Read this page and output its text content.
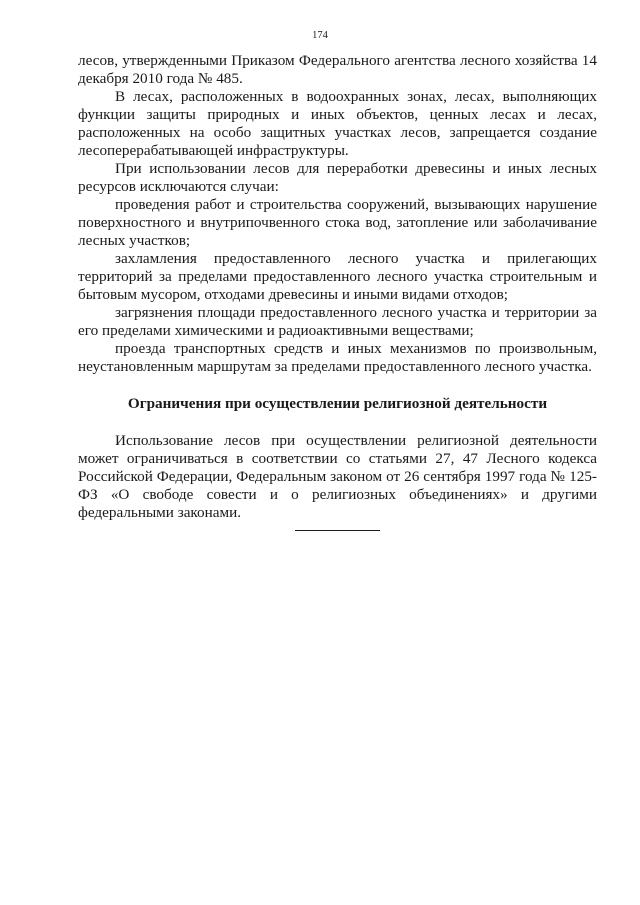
174

лесов, утвержденными Приказом Федерального агентства лесного хозяйства 14 декабря 2010 года № 485.

В лесах, расположенных в водоохранных зонах, лесах, выполняющих функции защиты природных и иных объектов, ценных лесах и лесах, расположенных на особо защитных участках лесов, запрещается создание лесоперерабатывающей инфраструктуры.

При использовании лесов для переработки древесины и иных лесных ресурсов исключаются случаи:

проведения работ и строительства сооружений, вызывающих нарушение поверхностного и внутрипочвенного стока вод, затопление или заболачивание лесных участков;

захламления предоставленного лесного участка и прилегающих территорий за пределами предоставленного лесного участка строительным и бытовым мусором, отходами древесины и иными видами отходов;

загрязнения площади предоставленного лесного участка и территории за его пределами химическими и радиоактивными веществами;

проезда транспортных средств и иных механизмов по произвольным, неустановленным маршрутам за пределами предоставленного лесного участка.

Ограничения при осуществлении религиозной деятельности

Использование лесов при осуществлении религиозной деятельности может ограничиваться в соответствии со статьями 27, 47 Лесного кодекса Российской Федерации, Федеральным законом от 26 сентября 1997 года № 125-ФЗ «О свободе совести и о религиозных объединениях» и другими федеральными законами.
